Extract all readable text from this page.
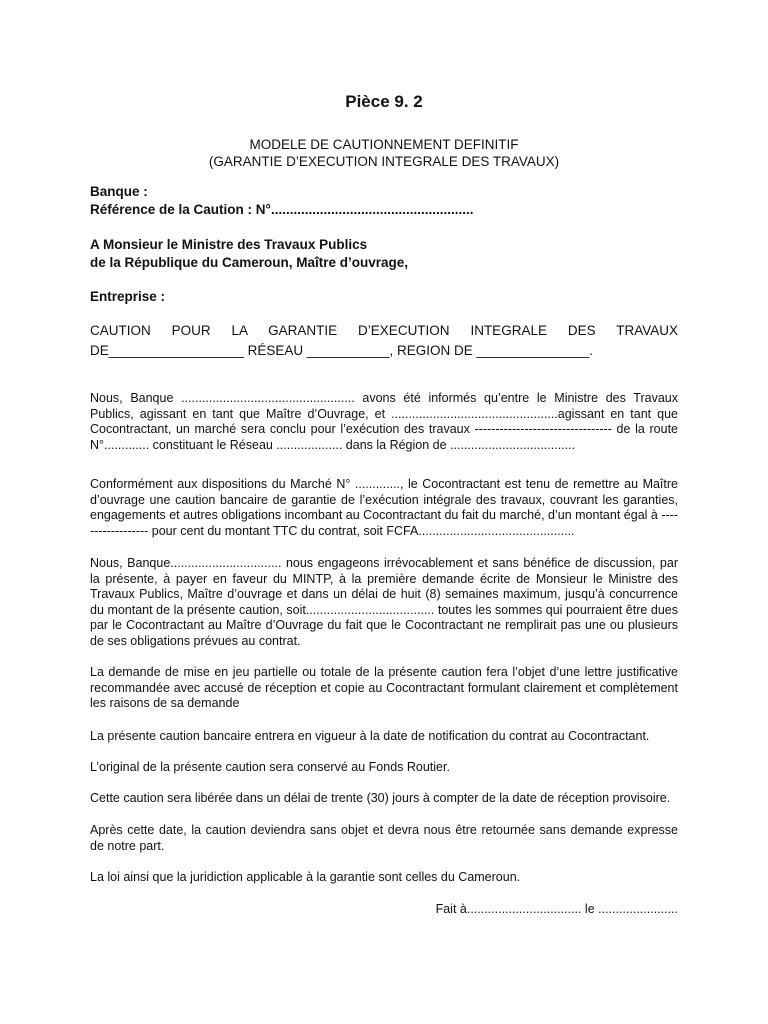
Pièce 9. 2
MODELE DE CAUTIONNEMENT DEFINITIF
(GARANTIE D’EXECUTION INTEGRALE DES TRAVAUX)
Banque :
Référence de la Caution : N°......................................................
A Monsieur le Ministre des Travaux Publics
de la République du Cameroun, Maître d’ouvrage,
Entreprise :
CAUTION POUR LA GARANTIE D’EXECUTION INTEGRALE DES TRAVAUX
DE__________________ RÉSEAU ___________, REGION DE _______________.
Nous, Banque .................................................. avons été informés qu’entre le Ministre des Travaux Publics, agissant en tant que Maître d’Ouvrage, et ................................................agissant en tant que Cocontractant, un marché sera conclu pour l’exécution des travaux --------------------------------- de la route N°............. constituant le Réseau ................... dans la Région de ....................................
Conformément aux dispositions du Marché N° ............., le Cocontractant est tenu de remettre au Maître d’ouvrage une caution bancaire de garantie de l’exécution intégrale des travaux, couvrant les garanties, engagements et autres obligations incombant au Cocontractant du fait du marché, d’un montant égal à ------------------ pour cent du montant TTC du contrat, soit FCFA.............................................
Nous, Banque................................ nous engageons irrévocablement et sans bénéfice de discussion, par la présente, à payer en faveur du MINTP, à la première demande écrite de Monsieur le Ministre des Travaux Publics, Maître d’ouvrage et dans un délai de huit (8) semaines maximum, jusqu’à concurrence du montant de la présente caution, soit..................................... toutes les sommes qui pourraient être dues par le Cocontractant au Maître d’Ouvrage du fait que le Cocontractant ne remplirait pas une ou plusieurs de ses obligations prévues au contrat.
La demande de mise en jeu partielle ou totale de la présente caution fera l’objet d’une lettre justificative recommandée avec accusé de réception et copie au Cocontractant formulant clairement et complètement les raisons de sa demande
La présente caution bancaire entrera en vigueur à la date de notification du contrat au Cocontractant.
L’original de la présente caution sera conservé au Fonds Routier.
Cette caution sera libérée dans un délai de trente (30) jours à compter de la date de réception provisoire.
Après cette date, la caution deviendra sans objet et devra nous être retournée sans demande expresse de notre part.
La loi ainsi que la juridiction applicable à la garantie sont celles du Cameroun.
Fait à................................. le .......................
